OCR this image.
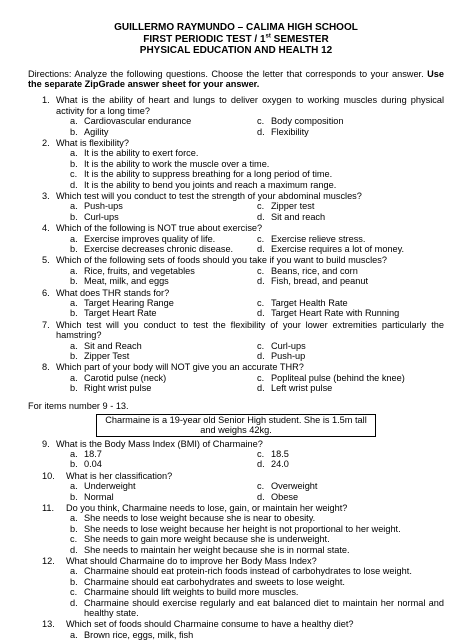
GUILLERMO RAYMUNDO – CALIMA HIGH SCHOOL
FIRST PERIODIC TEST / 1st SEMESTER
PHYSICAL EDUCATION AND HEALTH 12
Directions: Analyze the following questions. Choose the letter that corresponds to your answer. Use the separate ZipGrade answer sheet for your answer.
1. What is the ability of heart and lungs to deliver oxygen to working muscles during physical activity for a long time?
a. Cardiovascular endurance	c. Body composition
b. Agility	d. Flexibility
2. What is flexibility?
a. It is the ability to exert force.
b. It is the ability to work the muscle over a time.
c. It is the ability to suppress breathing for a long period of time.
d. It is the ability to bend you joints and reach a maximum range.
3. Which test will you conduct to test the strength of your abdominal muscles?
a. Push-ups	c. Zipper test
b. Curl-ups	d. Sit and reach
4. Which of the following is NOT true about exercise?
a. Exercise improves quality of life.	c. Exercise relieve stress.
b. Exercise decreases chronic disease.	d. Exercise requires a lot of money.
5. Which of the following sets of foods should you take if you want to build muscles?
a. Rice, fruits, and vegetables	c. Beans, rice, and corn
b. Meat, milk, and eggs	d. Fish, bread, and peanut
6. What does THR stands for?
a. Target Hearing Range	c. Target Health Rate
b. Target Heart Rate	d. Target Heart Rate with Running
7. Which test will you conduct to test the flexibility of your lower extremities particularly the hamstring?
a. Sit and Reach	c. Curl-ups
b. Zipper Test	d. Push-up
8. Which part of your body will NOT give you an accurate THR?
a. Carotid pulse (neck)	c. Popliteal pulse (behind the knee)
b. Right wrist pulse	d. Left wrist pulse
For items number 9 - 13.
Charmaine is a 19-year old Senior High student. She is 1.5m tall and weighs 42kg.
9. What is the Body Mass Index (BMI) of Charmaine?
a. 18.7	c. 18.5
b. 0.04	d. 24.0
10.	What is her classification?
a. Underweight	c. Overweight
b. Normal	d. Obese
11.	Do you think, Charmaine needs to lose, gain, or maintain her weight?
a. She needs to lose weight because she is near to obesity.
b. She needs to lose weight because her height is not proportional to her weight.
c. She needs to gain more weight because she is underweight.
d. She needs to maintain her weight because she is in normal state.
12.	What should Charmaine do to improve her Body Mass Index?
a. Charmaine should eat protein-rich foods instead of carbohydrates to lose weight.
b. Charmaine should eat carbohydrates and sweets to lose weight.
c. Charmaine should lift weights to build more muscles.
d. Charmaine should exercise regularly and eat balanced diet to maintain her normal and healthy state.
13.	Which set of foods should Charmaine consume to have a healthy diet?
a. Brown rice, eggs, milk, fish
